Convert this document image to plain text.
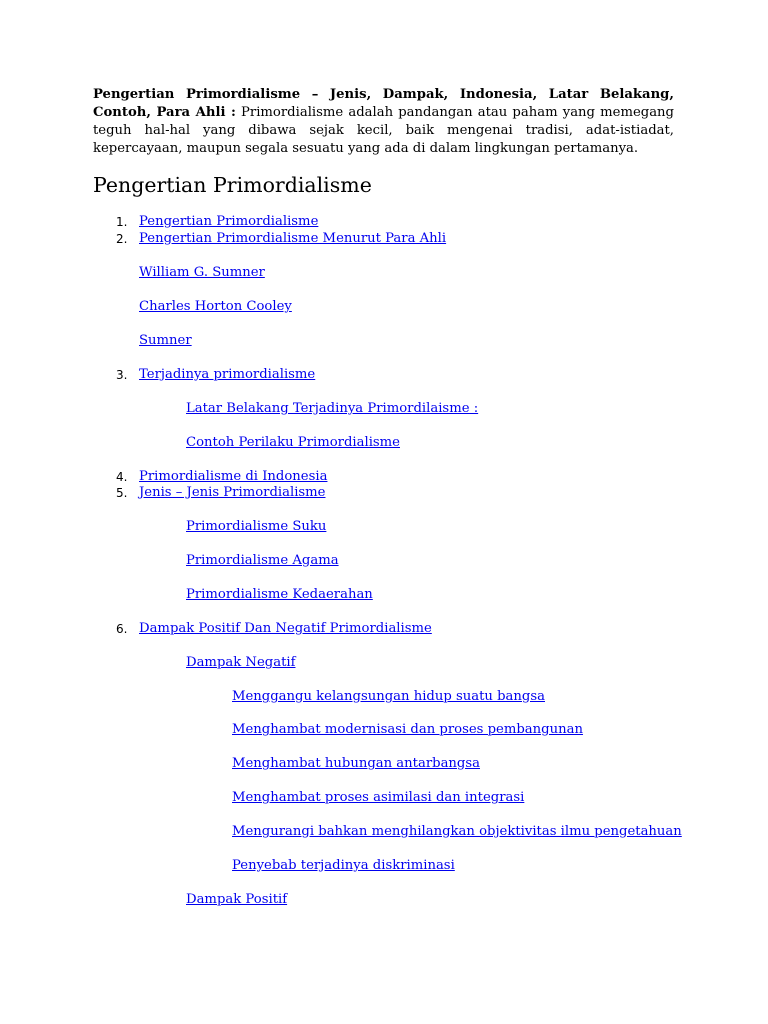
Pengertian Primordialisme – Jenis, Dampak, Indonesia, Latar Belakang, Contoh, Para Ahli : Primordialisme adalah pandangan atau paham yang memegang teguh hal-hal yang dibawa sejak kecil, baik mengenai tradisi, adat-istiadat, kepercayaan, maupun segala sesuatu yang ada di dalam lingkungan pertamanya.

Pengertian Primordialisme
1. Pengertian Primordialisme
2. Pengertian Primordialisme Menurut Para Ahli
William G. Sumner
Charles Horton Cooley
Sumner
3. Terjadinya primordialisme
Latar Belakang Terjadinya Primordilaisme :
Contoh Perilaku Primordialisme
4. Primordialisme di Indonesia
5. Jenis – Jenis Primordialisme
Primordialisme Suku
Primordialisme Agama
Primordialisme Kedaerahan
6. Dampak Positif Dan Negatif Primordialisme
Dampak Negatif
Menggangu kelangsungan hidup suatu bangsa
Menghambat modernisasi dan proses pembangunan
Menghambat hubungan antarbangsa
Menghambat proses asimilasi dan integrasi
Mengurangi bahkan menghilangkan objektivitas ilmu pengetahuan
Penyebab terjadinya diskriminasi
Dampak Positif
